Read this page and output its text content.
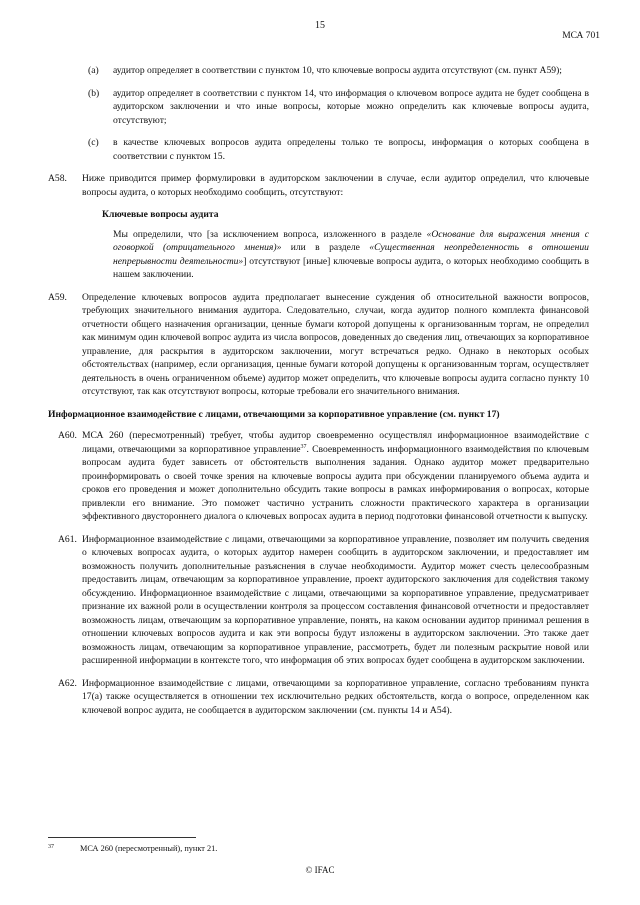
15
МСА 701
(a)	аудитор определяет в соответствии с пунктом 10, что ключевые вопросы аудита отсутствуют (см. пункт A59);
(b)	аудитор определяет в соответствии с пунктом 14, что информация о ключевом вопросе аудита не будет сообщена в аудиторском заключении и что иные вопросы, которые можно определить как ключевые вопросы аудита, отсутствуют;
(c)	в качестве ключевых вопросов аудита определены только те вопросы, информация о которых сообщена в соответствии с пунктом 15.
A58.	Ниже приводится пример формулировки в аудиторском заключении в случае, если аудитор определил, что ключевые вопросы аудита, о которых необходимо сообщить, отсутствуют:
Ключевые вопросы аудита
Мы определили, что [за исключением вопроса, изложенного в разделе «Основание для выражения мнения с оговоркой (отрицательного мнения)» или в разделе «Существенная неопределенность в отношении непрерывности деятельности»] отсутствуют [иные] ключевые вопросы аудита, о которых необходимо сообщить в нашем заключении.
A59.	Определение ключевых вопросов аудита предполагает вынесение суждения об относительной важности вопросов, требующих значительного внимания аудитора. Следовательно, случаи, когда аудитор полного комплекта финансовой отчетности общего назначения организации, ценные бумаги которой допущены к организованным торгам, не определил как минимум один ключевой вопрос аудита из числа вопросов, доведенных до сведения лиц, отвечающих за корпоративное управление, для раскрытия в аудиторском заключении, могут встречаться редко. Однако в некоторых особых обстоятельствах (например, если организация, ценные бумаги которой допущены к организованным торгам, осуществляет деятельность в очень ограниченном объеме) аудитор может определить, что ключевые вопросы аудита согласно пункту 10 отсутствуют, так как отсутствуют вопросы, которые требовали его значительного внимания.
Информационное взаимодействие с лицами, отвечающими за корпоративное управление (см. пункт 17)
A60. МСА 260 (пересмотренный) требует, чтобы аудитор своевременно осуществлял информационное взаимодействие с лицами, отвечающими за корпоративное управление$^{37}$. Своевременность информационного взаимодействия по ключевым вопросам аудита будет зависеть от обстоятельств выполнения задания. Однако аудитор может предварительно проинформировать о своей точке зрения на ключевые вопросы аудита при обсуждении планируемого объема аудита и сроков его проведения и может дополнительно обсудить такие вопросы в рамках информирования о вопросах, которые привлекли его внимание. Это поможет частично устранить сложности практического характера в организации эффективного двустороннего диалога о ключевых вопросах аудита в период подготовки финансовой отчетности к выпуску.
A61. Информационное взаимодействие с лицами, отвечающими за корпоративное управление, позволяет им получить сведения о ключевых вопросах аудита, о которых аудитор намерен сообщить в аудиторском заключении, и предоставляет им возможность получить дополнительные разъяснения в случае необходимости. Аудитор может счесть целесообразным предоставить лицам, отвечающим за корпоративное управление, проект аудиторского заключения для содействия такому обсуждению. Информационное взаимодействие с лицами, отвечающими за корпоративное управление, предусматривает признание их важной роли в осуществлении контроля за процессом составления финансовой отчетности и предоставляет возможность лицам, отвечающим за корпоративное управление, понять, на каком основании аудитор принимал решения в отношении ключевых вопросов аудита и как эти вопросы будут изложены в аудиторском заключении. Это также дает возможность лицам, отвечающим за корпоративное управление, рассмотреть, будет ли полезным раскрытие новой или расширенной информации в контексте того, что информация об этих вопросах будет сообщена в аудиторском заключении.
A62. Информационное взаимодействие с лицами, отвечающими за корпоративное управление, согласно требованиям пункта 17(a) также осуществляется в отношении тех исключительно редких обстоятельств, когда о вопросе, определенном как ключевой вопрос аудита, не сообщается в аудиторском заключении (см. пункты 14 и A54).
37	МСА 260 (пересмотренный), пункт 21.
© IFAC
